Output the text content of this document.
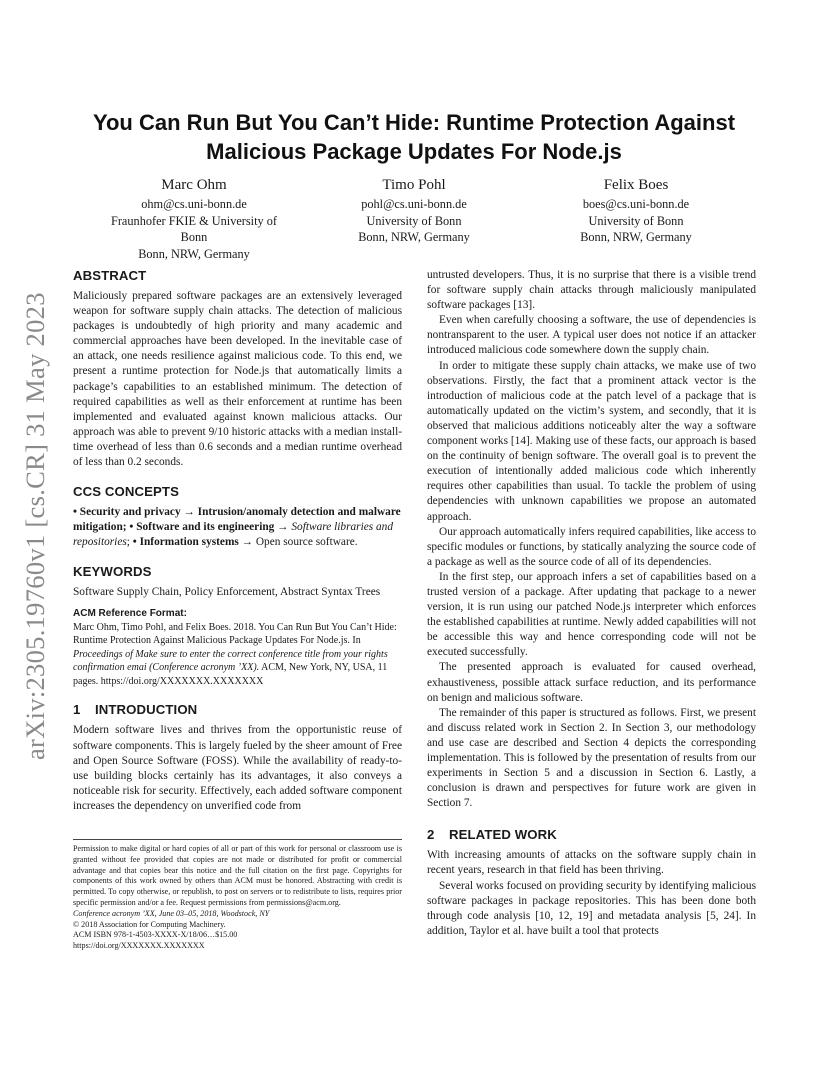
arXiv:2305.19760v1 [cs.CR] 31 May 2023
You Can Run But You Can’t Hide: Runtime Protection Against Malicious Package Updates For Node.js
Marc Ohm
ohm@cs.uni-bonn.de
Fraunhofer FKIE & University of
Bonn
Bonn, NRW, Germany
Timo Pohl
pohl@cs.uni-bonn.de
University of Bonn
Bonn, NRW, Germany
Felix Boes
boes@cs.uni-bonn.de
University of Bonn
Bonn, NRW, Germany
ABSTRACT

Maliciously prepared software packages are an extensively leveraged weapon for software supply chain attacks. The detection of malicious packages is undoubtedly of high priority and many academic and commercial approaches have been developed. In the inevitable case of an attack, one needs resilience against malicious code. To this end, we present a runtime protection for Node.js that automatically limits a package’s capabilities to an established minimum. The detection of required capabilities as well as their enforcement at runtime has been implemented and evaluated against known malicious attacks. Our approach was able to prevent 9/10 historic attacks with a median install-time overhead of less than 0.6 seconds and a median runtime overhead of less than 0.2 seconds.

CCS CONCEPTS

• Security and privacy → Intrusion/anomaly detection and malware mitigation; • Software and its engineering → Software libraries and repositories; • Information systems → Open source software.

KEYWORDS

Software Supply Chain, Policy Enforcement, Abstract Syntax Trees

ACM Reference Format:

Marc Ohm, Timo Pohl, and Felix Boes. 2018. You Can Run But You Can’t Hide: Runtime Protection Against Malicious Package Updates For Node.js. In Proceedings of Make sure to enter the correct conference title from your rights confirmation emai (Conference acronym ’XX). ACM, New York, NY, USA, 11 pages. https://doi.org/XXXXXXX.XXXXXXX

1 INTRODUCTION

Modern software lives and thrives from the opportunistic reuse of software components. This is largely fueled by the sheer amount of Free and Open Source Software (FOSS). While the availability of ready-to-use building blocks certainly has its advantages, it also conveys a noticeable risk for security. Effectively, each added software component increases the dependency on unverified code from

Permission to make digital or hard copies of all or part of this work for personal or classroom use is granted without fee provided that copies are not made or distributed for profit or commercial advantage and that copies bear this notice and the full citation on the first page. Copyrights for components of this work owned by others than ACM must be honored. Abstracting with credit is permitted. To copy otherwise, or republish, to post on servers or to redistribute to lists, requires prior specific permission and/or a fee. Request permissions from permissions@acm.org.
Conference acronym ’XX, June 03–05, 2018, Woodstock, NY
© 2018 Association for Computing Machinery.
ACM ISBN 978-1-4503-XXXX-X/18/06…$15.00
https://doi.org/XXXXXXX.XXXXXXX

untrusted developers. Thus, it is no surprise that there is a visible trend for software supply chain attacks through maliciously manipulated software packages [13].

Even when carefully choosing a software, the use of dependencies is nontransparent to the user. A typical user does not notice if an attacker introduced malicious code somewhere down the supply chain.

In order to mitigate these supply chain attacks, we make use of two observations. Firstly, the fact that a prominent attack vector is the introduction of malicious code at the patch level of a package that is automatically updated on the victim’s system, and secondly, that it is observed that malicious additions noticeably alter the way a software component works [14]. Making use of these facts, our approach is based on the continuity of benign software. The overall goal is to prevent the execution of intentionally added malicious code which inherently requires other capabilities than usual. To tackle the problem of using dependencies with unknown capabilities we propose an automated approach.

Our approach automatically infers required capabilities, like access to specific modules or functions, by statically analyzing the source code of a package as well as the source code of all of its dependencies.

In the first step, our approach infers a set of capabilities based on a trusted version of a package. After updating that package to a newer version, it is run using our patched Node.js interpreter which enforces the established capabilities at runtime. Newly added capabilities will not be accessible this way and hence corresponding code will not be executed successfully.

The presented approach is evaluated for caused overhead, exhaustiveness, possible attack surface reduction, and its performance on benign and malicious software.

The remainder of this paper is structured as follows. First, we present and discuss related work in Section 2. In Section 3, our methodology and use case are described and Section 4 depicts the corresponding implementation. This is followed by the presentation of results from our experiments in Section 5 and a discussion in Section 6. Lastly, a conclusion is drawn and perspectives for future work are given in Section 7.

2 RELATED WORK

With increasing amounts of attacks on the software supply chain in recent years, research in that field has been thriving.

Several works focused on providing security by identifying malicious software packages in package repositories. This has been done both through code analysis [10, 12, 19] and metadata analysis [5, 24]. In addition, Taylor et al. have built a tool that protects
